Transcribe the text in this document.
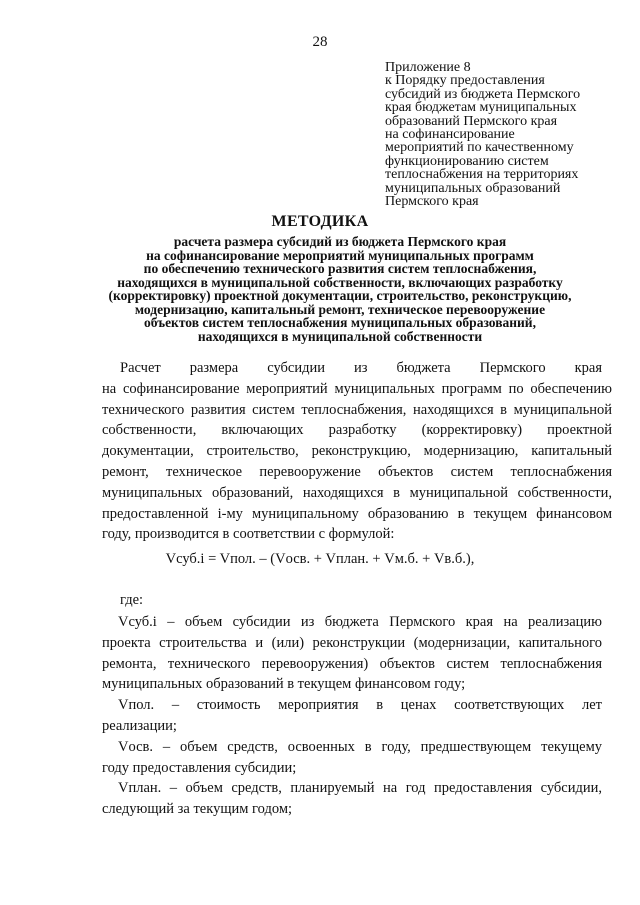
28
Приложение 8
к Порядку предоставления
субсидий из бюджета Пермского
края бюджетам муниципальных
образований Пермского края
на софинансирование
мероприятий по качественному
функционированию систем
теплоснабжения на территориях
муниципальных образований
Пермского края
МЕТОДИКА
расчета размера субсидий из бюджета Пермского края
на софинансирование мероприятий муниципальных программ
по обеспечению технического развития систем теплоснабжения,
находящихся в муниципальной собственности, включающих разработку
(корректировку) проектной документации, строительство, реконструкцию,
модернизацию, капитальный ремонт, техническое перевооружение
объектов систем теплоснабжения муниципальных образований,
находящихся в муниципальной собственности
Расчет размера субсидии из бюджета Пермского края
на софинансирование мероприятий муниципальных программ по обеспечению
технического развития систем теплоснабжения, находящихся в муниципальной
собственности, включающих разработку (корректировку) проектной
документации, строительство, реконструкцию, модернизацию, капитальный
ремонт, техническое перевооружение объектов систем теплоснабжения
муниципальных образований, находящихся в муниципальной собственности,
предоставленной i-му муниципальному образованию в текущем финансовом
году, производится в соответствии с формулой:
Vсуб.i = Vпол. – (Vосв. + Vплан. + Vм.б. + Vв.б.),
где:
Vсуб.i – объем субсидии из бюджета Пермского края на реализацию
проекта строительства и (или) реконструкции (модернизации, капитального
ремонта, технического перевооружения) объектов систем теплоснабжения
муниципальных образований в текущем финансовом году;
Vпол. – стоимость мероприятия в ценах соответствующих лет
реализации;
Vосв. – объем средств, освоенных в году, предшествующем текущему
году предоставления субсидии;
Vплан. – объем средств, планируемый на год предоставления субсидии,
следующий за текущим годом;
